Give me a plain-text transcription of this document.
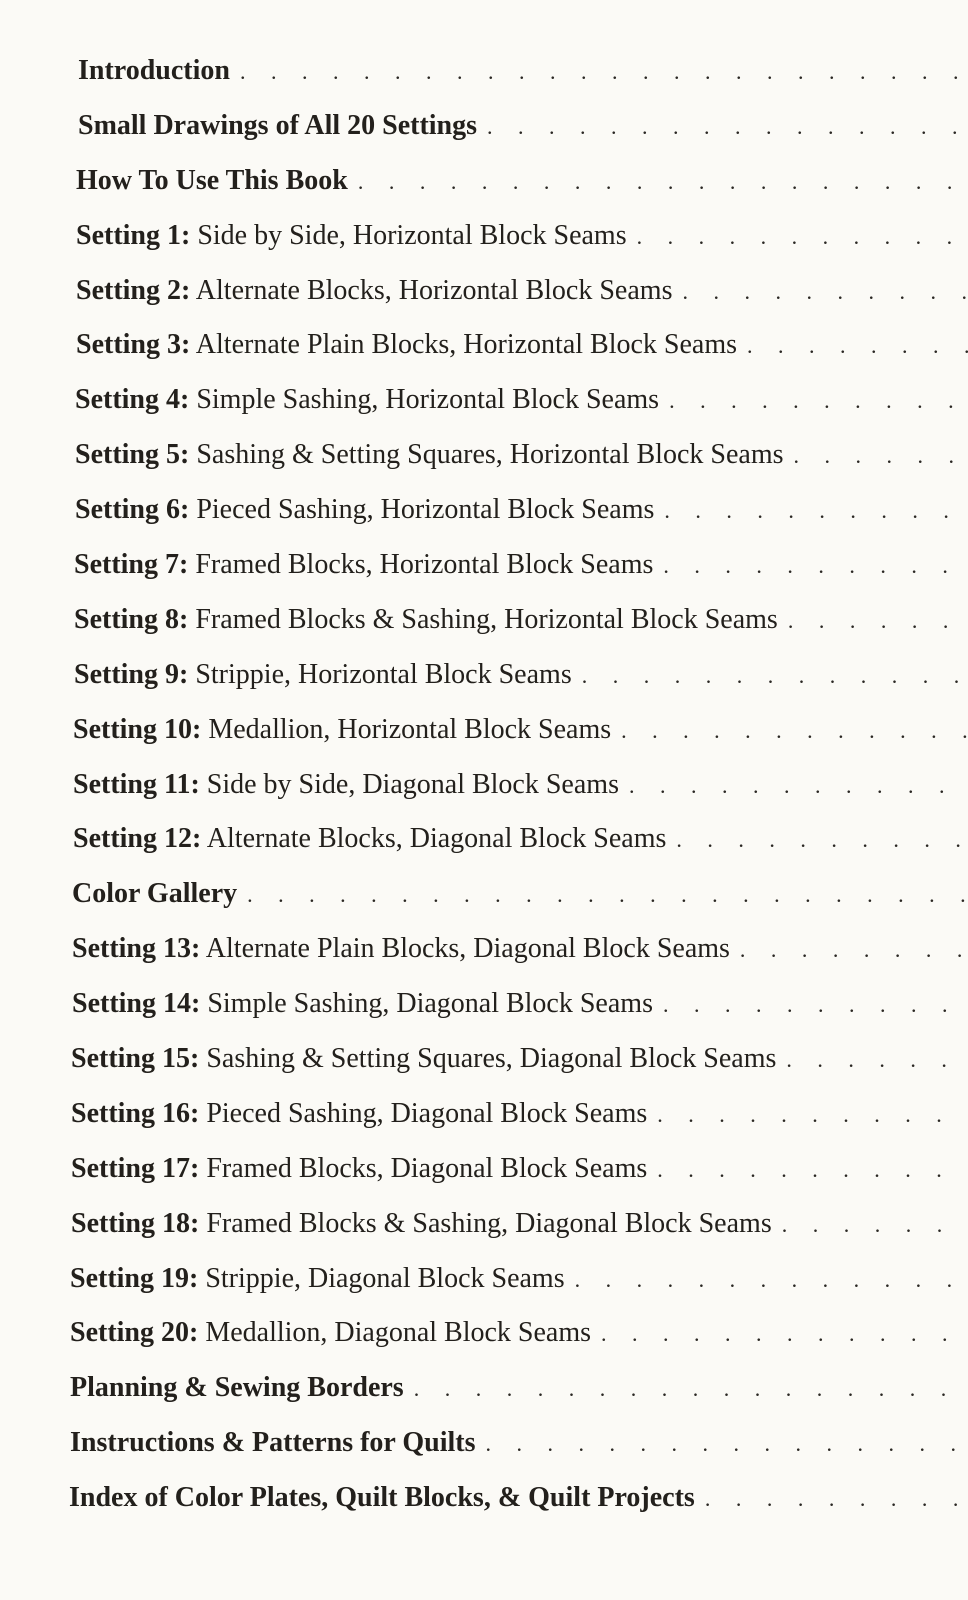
Introduction
. . .
Small Drawings of All 20 Settings
. . .
How To Use This Book
. . .
Setting 1: Side by Side, Horizontal Block Seams
. . .
Setting 2: Alternate Blocks, Horizontal Block Seams
. . .
Setting 3: Alternate Plain Blocks, Horizontal Block Seams
. . .
Setting 4: Simple Sashing, Horizontal Block Seams
. . .
Setting 5: Sashing & Setting Squares, Horizontal Block Seams
. . .
Setting 6: Pieced Sashing, Horizontal Block Seams
. . .
Setting 7: Framed Blocks, Horizontal Block Seams
. . .
Setting 8: Framed Blocks & Sashing, Horizontal Block Seams
. . .
Setting 9: Strippie, Horizontal Block Seams
. . .
Setting 10: Medallion, Horizontal Block Seams
. . .
Setting 11: Side by Side, Diagonal Block Seams
. . .
Setting 12: Alternate Blocks, Diagonal Block Seams
. . .
Color Gallery
. . .
Setting 13: Alternate Plain Blocks, Diagonal Block Seams
. . .
Setting 14: Simple Sashing, Diagonal Block Seams
. . .
Setting 15: Sashing & Setting Squares, Diagonal Block Seams
. . .
Setting 16: Pieced Sashing, Diagonal Block Seams
. . .
Setting 17: Framed Blocks, Diagonal Block Seams
. . .
Setting 18: Framed Blocks & Sashing, Diagonal Block Seams
. . .
Setting 19: Strippie, Diagonal Block Seams
. . .
Setting 20: Medallion, Diagonal Block Seams
. . .
Planning & Sewing Borders
. . .
Instructions & Patterns for Quilts
. . .
Index of Color Plates, Quilt Blocks, & Quilt Projects
. . .
